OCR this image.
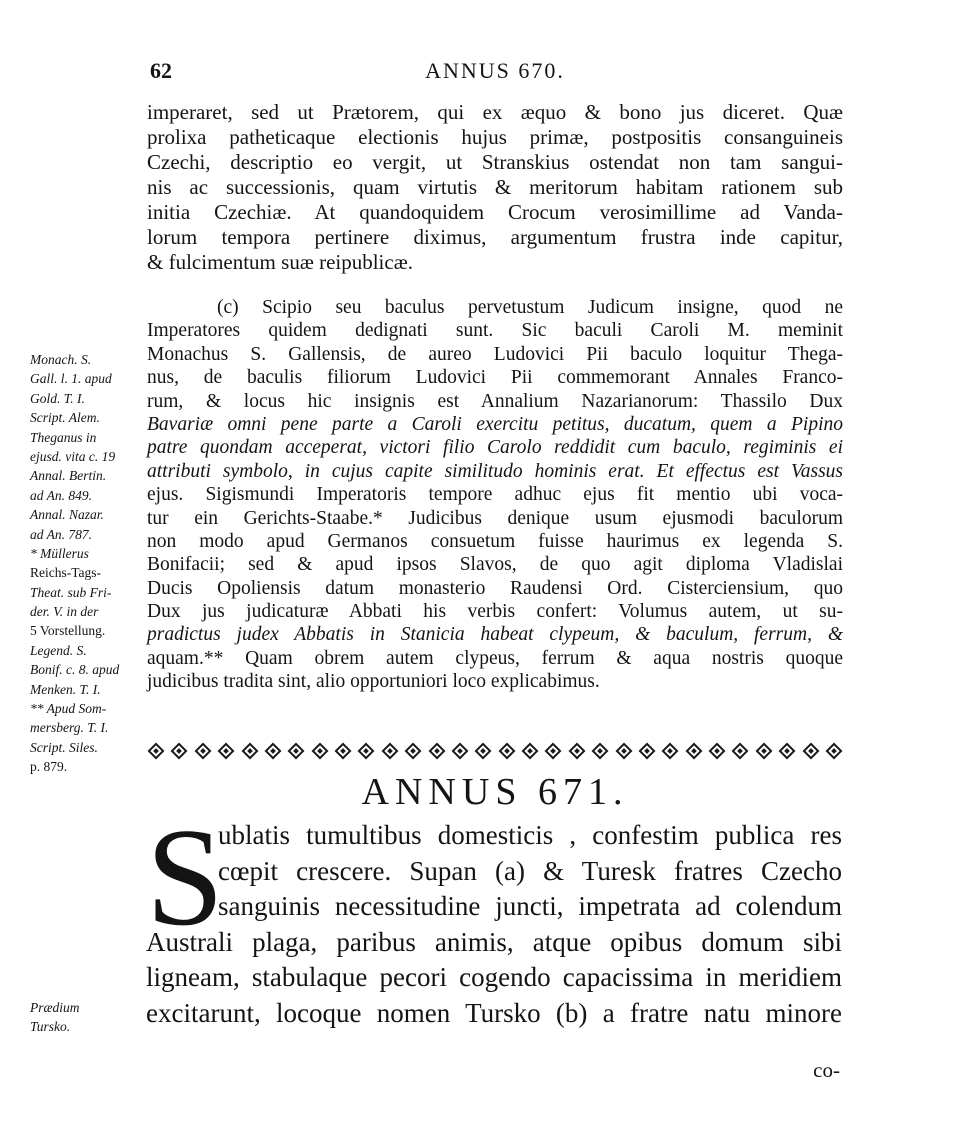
62	ANNUS 670.
imperaret, sed ut Prætorem, qui ex æquo & bono jus diceret. Quæ
prolixa patheticaque electionis hujus primæ, postpositis consanguineis
Czechi, descriptio eo vergit, ut Stranskius ostendat non tam sangui-
nis ac successionis, quam virtutis & meritorum habitam rationem sub
initia Czechiæ. At quandoquidem Crocum verosimillime ad Vanda-
lorum tempora pertinere diximus, argumentum frustra inde capitur,
& fulcimentum suæ reipublicæ.
(c) Scipio seu baculus pervetustum Judicum insigne, quod ne
Imperatores quidem dedignati sunt. Sic baculi Caroli M. meminit
Monachus S. Gallensis, de aureo Ludovici Pii baculo loquitur Thega-
nus, de baculis filiorum Ludovici Pii commemorant Annales Franco-
rum, & locus hic insignis est Annalium Nazarianorum: Thassilo Dux
Bavariæ omni pene parte a Caroli exercitu petitus, ducatum, quem a Pipino
patre quondam acceperat, victori filio Carolo reddidit cum baculo, regiminis ei
attributi symbolo, in cujus capite similitudo hominis erat. Et effectus est Vassus
ejus. Sigismundi Imperatoris tempore adhuc ejus fit mentio ubi voca-
tur ein Gerichts-Staabe.* Judicibus denique usum ejusmodi baculorum
non modo apud Germanos consuetum fuisse haurimus ex legenda S.
Bonifacii; sed & apud ipsos Slavos, de quo agit diploma Vladislai
Ducis Opoliensis datum monasterio Raudensi Ord. Cisterciensium, quo
Dux jus judicaturæ Abbati his verbis confert: Volumus autem, ut su-
pradictus judex Abbatis in Stanicia habeat clypeum, & baculum, ferrum, &
aquam.** Quam obrem autem clypeus, ferrum & aqua nostris quoque
judicibus tradita sint, alio opportuniori loco explicabimus.
Monach. S.
Gall. l. 1. apud
Gold. T. I.
Script. Alem.
Theganus in
ejusd. vita c. 19
Annal. Bertin.
ad An. 849.
Annal. Nazar.
ad An. 787.
* Müllerus
Reichs-Tags-
Theat. sub Fri-
der. V. in der
5 Vorstellung.
Legend. S.
Bonif. c. 8. apud
Menken. T. I.
** Apud Som-
mersberg. T. I.
Script. Siles.
p. 879.
ANNUS 671.
S
ublatis tumultibus domesticis , confestim publica res
cœpit crescere. Supan (a) & Turesk fratres Czecho
sanguinis necessitudine juncti, impetrata ad colendum
Australi plaga, paribus animis, atque opibus domum sibi
ligneam, stabulaque pecori cogendo capacissima in meridiem
excitarunt, locoque nomen Tursko (b) a fratre natu minore
Prædium
Tursko.
co-
